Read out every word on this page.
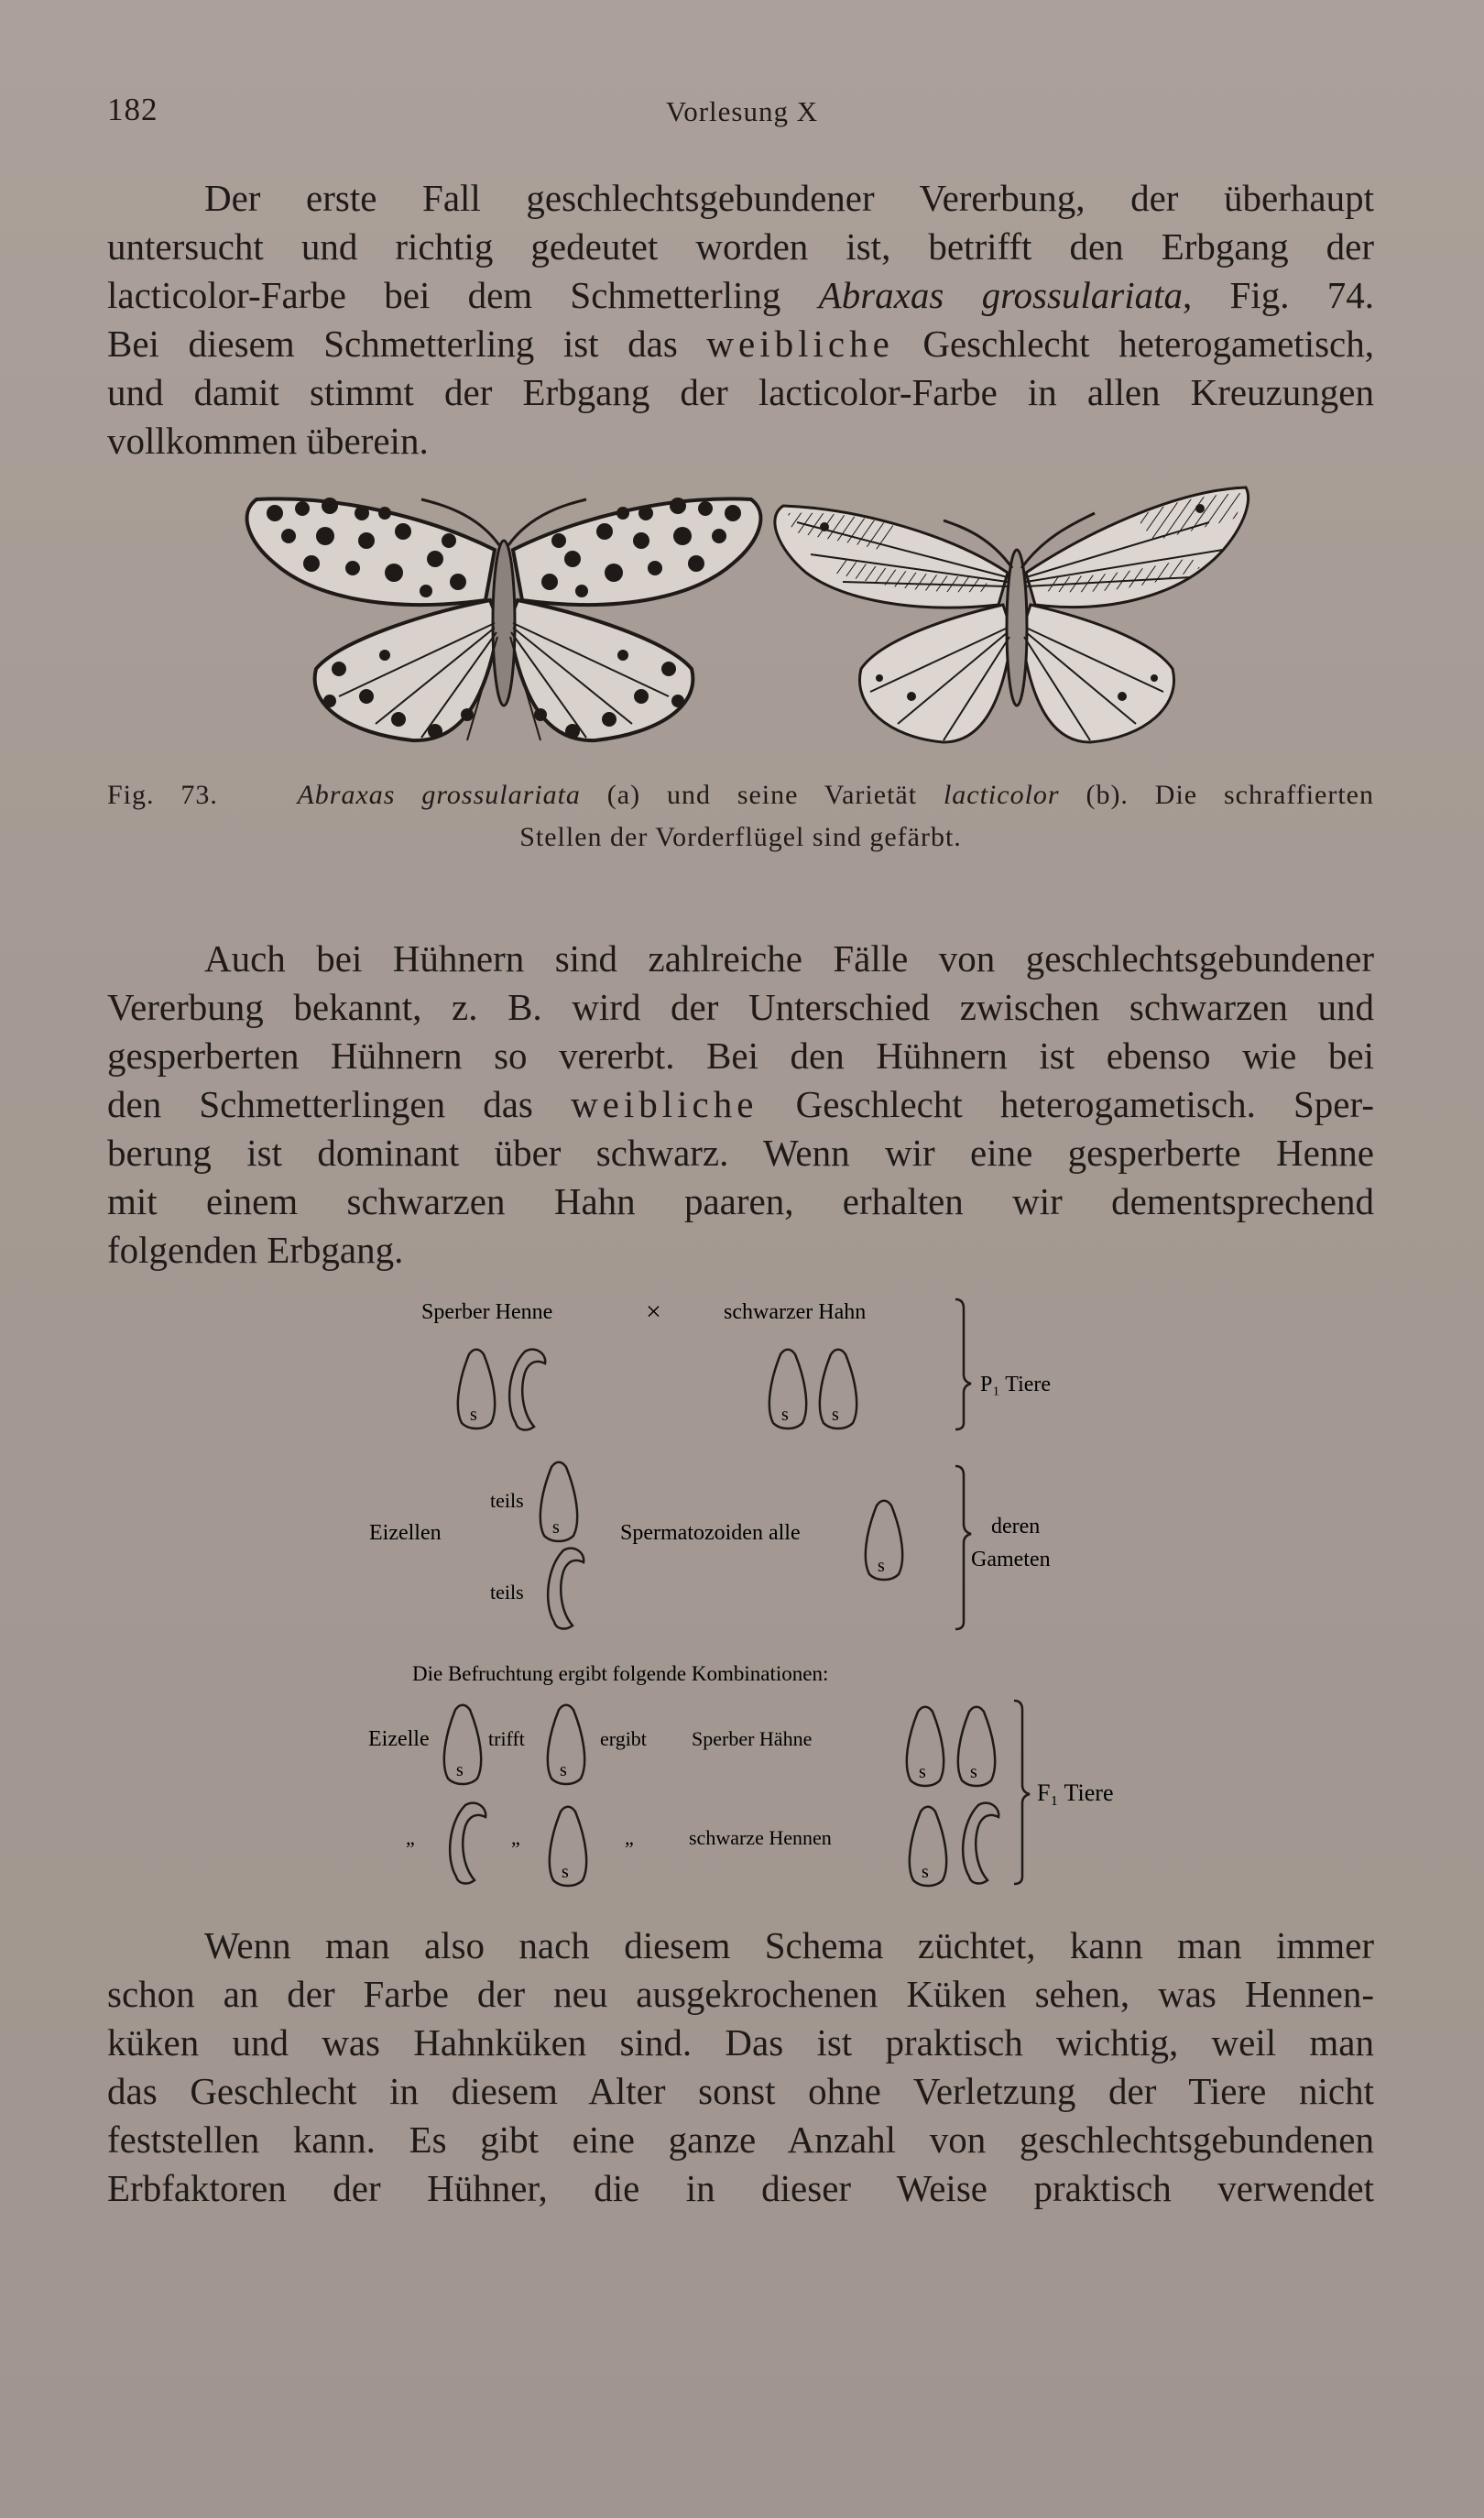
182	Vorlesung X
Der erste Fall geschlechtsgebundener Vererbung, der überhaupt
untersucht und richtig gedeutet worden ist, betrifft den Erbgang der
lacticolor-Farbe bei dem Schmetterling Abraxas grossulariata, Fig. 74.
Bei diesem Schmetterling ist das weibliche Geschlecht heterogametisch,
und damit stimmt der Erbgang der lacticolor-Farbe in allen Kreuzungen
vollkommen überein.
Fig. 73.	Abraxas grossulariata (a) und seine Varietät lacticolor (b). Die schraffierten
Stellen der Vorderflügel sind gefärbt.
Auch bei Hühnern sind zahlreiche Fälle von geschlechtsgebundener
Vererbung bekannt, z. B. wird der Unterschied zwischen schwarzen und
gesperberten Hühnern so vererbt. Bei den Hühnern ist ebenso wie bei
den Schmetterlingen das weibliche Geschlecht heterogametisch. Sper-
berung ist dominant über schwarz. Wenn wir eine gesperberte Henne
mit einem schwarzen Hahn paaren, erhalten wir dementsprechend
folgenden Erbgang.
Sperber Henne	×	schwarzer Hahn
s	s s
P₁ Tiere
teils
s
Eizellen
teils
Spermatozoiden alle
s
deren
Gameten
Die Befruchtung ergibt folgende Kombinationen:
Eizelle
s
trifft
s
ergibt Sperber Hähne
s s
„	„
s
„	schwarze Hennen
s
F₁ Tiere
Wenn man also nach diesem Schema züchtet, kann man immer
schon an der Farbe der neu ausgekrochenen Küken sehen, was Hennen-
küken und was Hahnküken sind. Das ist praktisch wichtig, weil man
das Geschlecht in diesem Alter sonst ohne Verletzung der Tiere nicht
feststellen kann. Es gibt eine ganze Anzahl von geschlechtsgebundenen
Erbfaktoren der Hühner, die in dieser Weise praktisch verwendet
